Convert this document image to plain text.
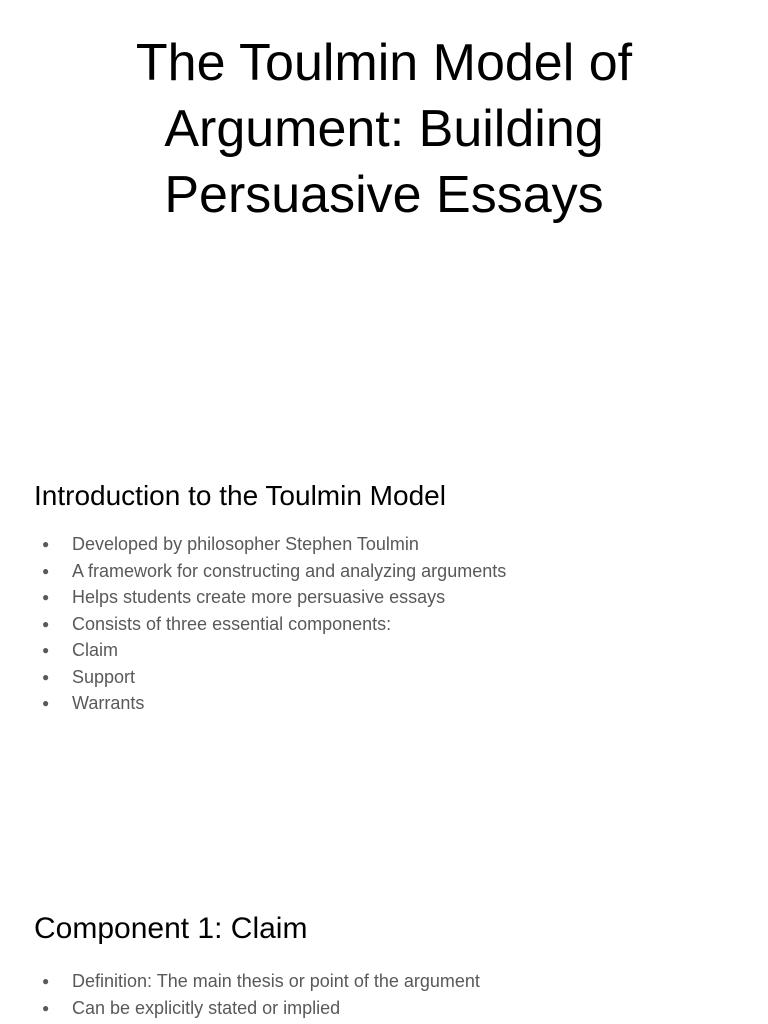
The Toulmin Model of Argument: Building Persuasive Essays
Introduction to the Toulmin Model
● Developed by philosopher Stephen Toulmin
● A framework for constructing and analyzing arguments
● Helps students create more persuasive essays
● Consists of three essential components:
● Claim
● Support
● Warrants
Component 1: Claim
● Definition: The main thesis or point of the argument
● Can be explicitly stated or implied
